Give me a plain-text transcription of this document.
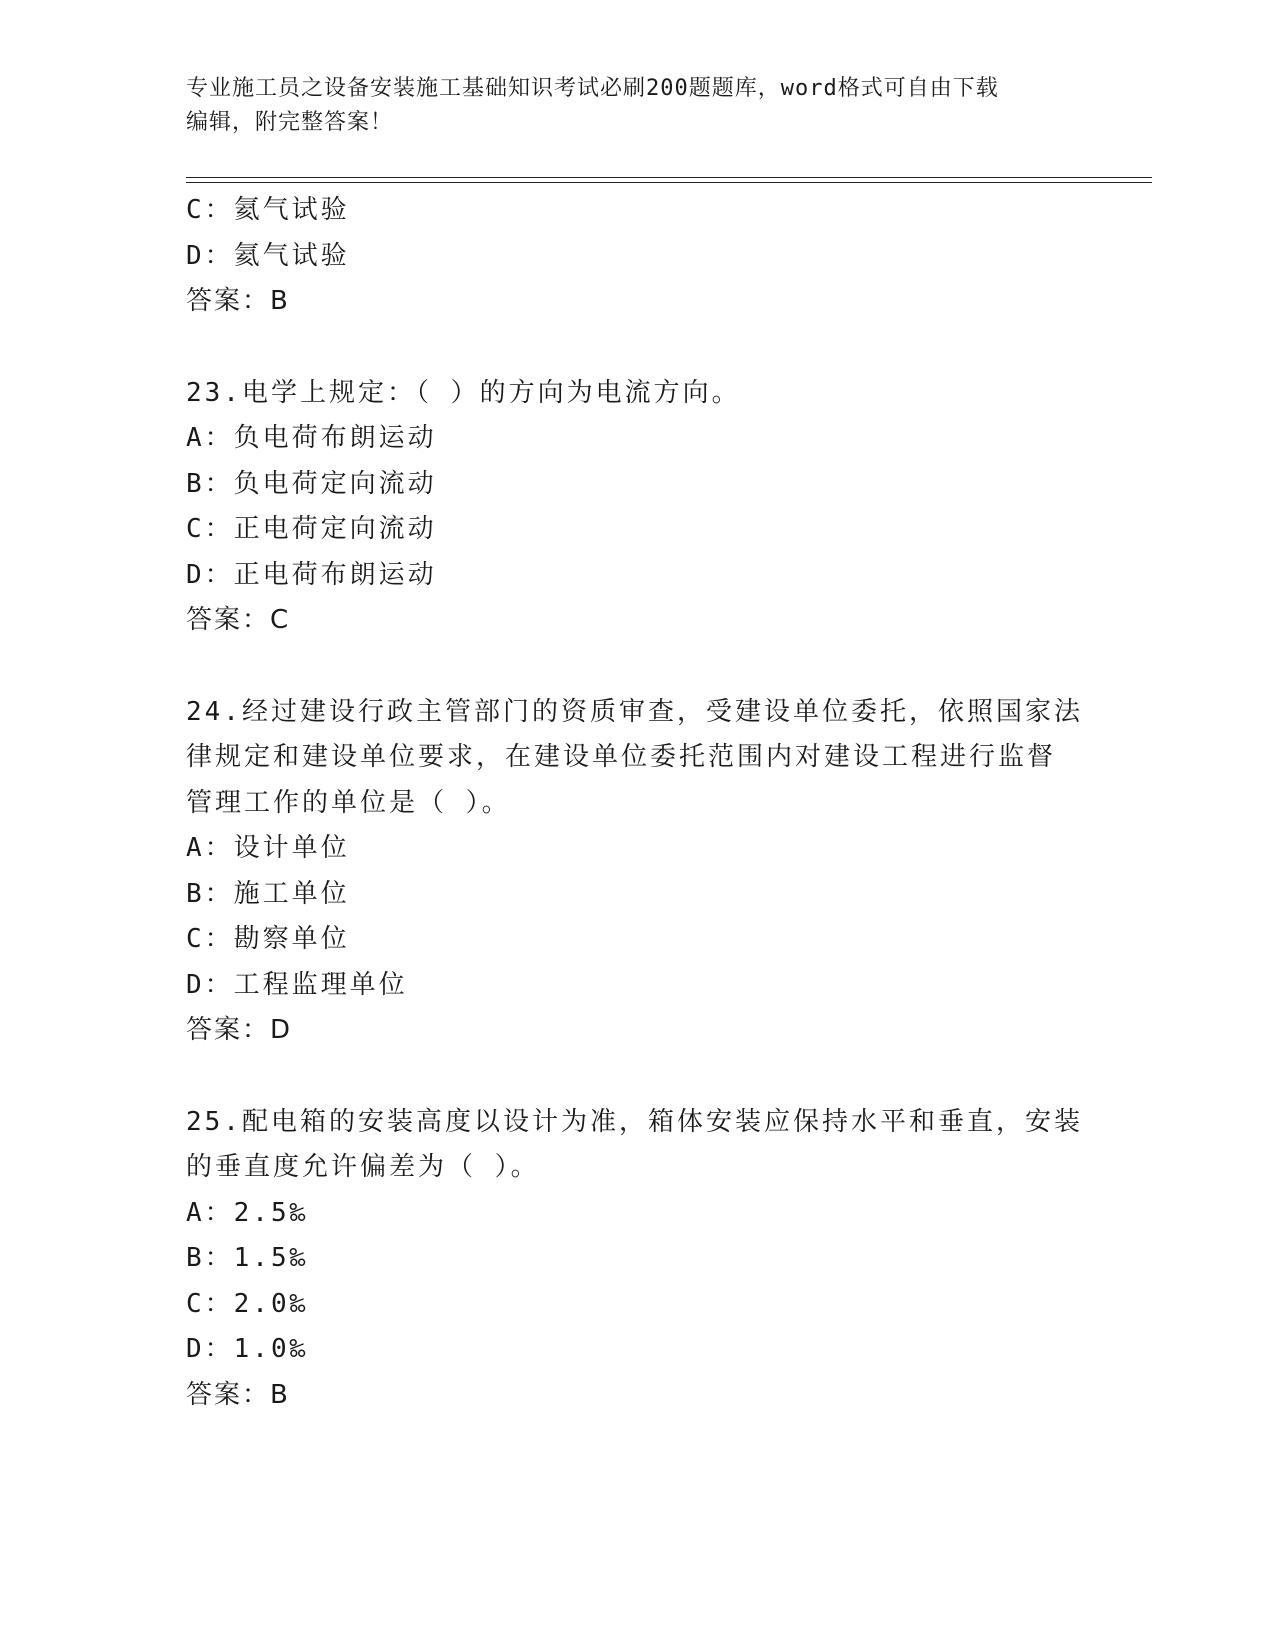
专业施工员之设备安装施工基础知识考试必刷200题题库，word格式可自由下载
编辑，附完整答案！
C：氦气试验
D：氦气试验
答案：B
23.电学上规定：（ ）的方向为电流方向。
A：负电荷布朗运动
B：负电荷定向流动
C：正电荷定向流动
D：正电荷布朗运动
答案：C
24.经过建设行政主管部门的资质审查，受建设单位委托，依照国家法
律规定和建设单位要求，在建设单位委托范围内对建设工程进行监督
管理工作的单位是（ ）。
A：设计单位
B：施工单位
C：勘察单位
D：工程监理单位
答案：D
25.配电箱的安装高度以设计为准，箱体安装应保持水平和垂直，安装
的垂直度允许偏差为（ ）。
A：2.5‰
B：1.5‰
C：2.0‰
D：1.0‰
答案：B
